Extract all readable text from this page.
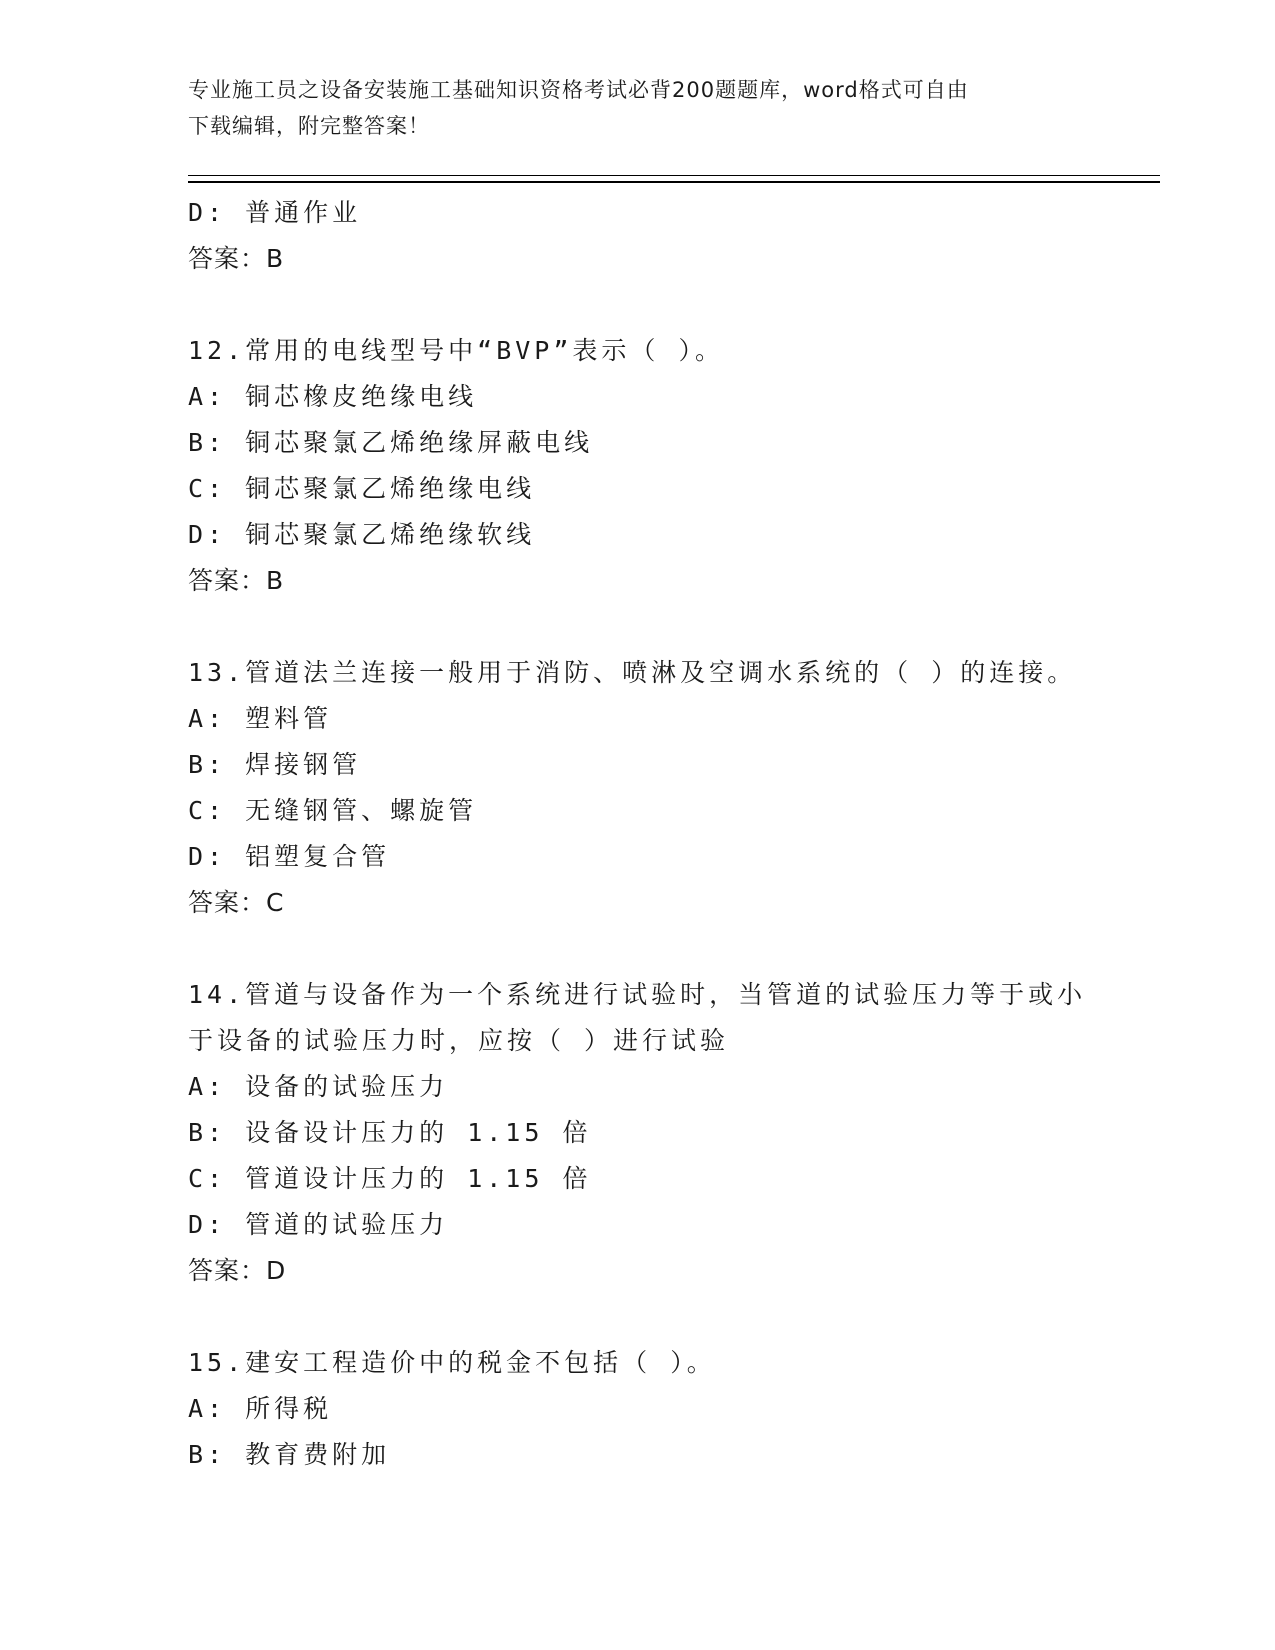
专业施工员之设备安装施工基础知识资格考试必背200题题库，word格式可自由
下载编辑，附完整答案！
D: 普通作业
答案：B
12.常用的电线型号中“BVP”表示（ ）。
A: 铜芯橡皮绝缘电线
B: 铜芯聚氯乙烯绝缘屏蔽电线
C: 铜芯聚氯乙烯绝缘电线
D: 铜芯聚氯乙烯绝缘软线
答案：B
13.管道法兰连接一般用于消防、喷淋及空调水系统的（ ）的连接。
A: 塑料管
B: 焊接钢管
C: 无缝钢管、螺旋管
D: 铝塑复合管
答案：C
14.管道与设备作为一个系统进行试验时，当管道的试验压力等于或小
于设备的试验压力时，应按（ ）进行试验
A: 设备的试验压力
B: 设备设计压力的 1.15 倍
C: 管道设计压力的 1.15 倍
D: 管道的试验压力
答案：D
15.建安工程造价中的税金不包括（ ）。
A: 所得税
B: 教育费附加
